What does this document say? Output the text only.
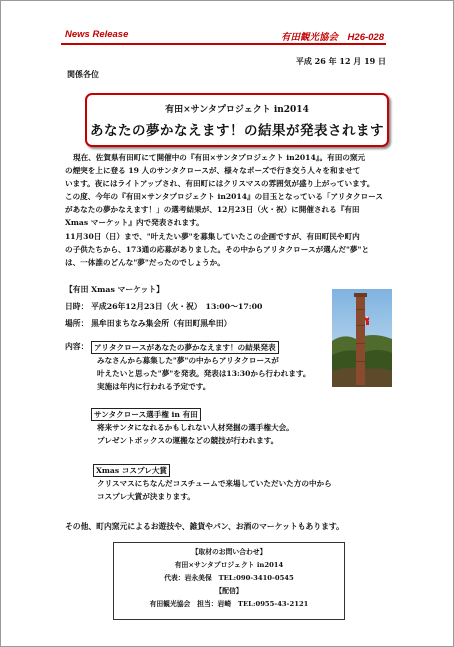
News Release	有田観光協会　H26-028
平成 26 年 12 月 19 日
関係各位
有田×サンタプロジェクト in2014
あなたの夢かなえます！の結果が発表されます

現在、佐賀県有田町にて開催中の『有田×サンタプロジェクト in2014』。有田の窯元

の煙突を上に登る 19 人のサンタクロースが、様々なポーズで行き交う人々を和ませて

います。夜にはライトアップされ、有田町にはクリスマスの雰囲気が盛り上がっています。

この度、今年の『有田×サンタプロジェクト in2014』の目玉となっている「アリタクロース

があなたの夢かなえます！」の選考結果が、12月23日（火・祝）に開催される『有田

Xmas マーケット』内で発表されます。

11月30日（日）まで、"叶えたい夢"を募集していたこの企画ですが、有田町民や町内

の子供たちから、173通の応募がありました。その中からアリタクロースが選んだ"夢"と

は、一体誰のどんな"夢"だったのでしょうか。

【有田 Xmas マーケット】
日時： 平成26年12月23日（火・祝）　13:00～17:00
場所： 黒牟田まちなみ集会所（有田町黒牟田）
内容： アリタクロースがあなたの夢かなえます！の結果発表
みなさんから募集した"夢"の中からアリタクロースが
叶えたいと思った"夢"を発表。発表は13:30から行われます。
実施は年内に行われる予定です。
サンタクロース選手権 in 有田
将来サンタになれるかもしれない人材発掘の選手権大会。
プレゼントボックスの運搬などの競技が行われます。
Xmas コスプレ大賞
クリスマスにちなんだコスチュームで来場していただいた方の中から
コスプレ大賞が決まります。
その他、町内窯元によるお遊技や、雑貨やパン、お酒のマーケットもあります。
【取材のお問い合わせ】
有田×サンタプロジェクト in2014
代表：岩永美保　TEL:090-3410-0545
【配信】
有田観光協会　担当：岩崎　TEL:0955-43-2121
